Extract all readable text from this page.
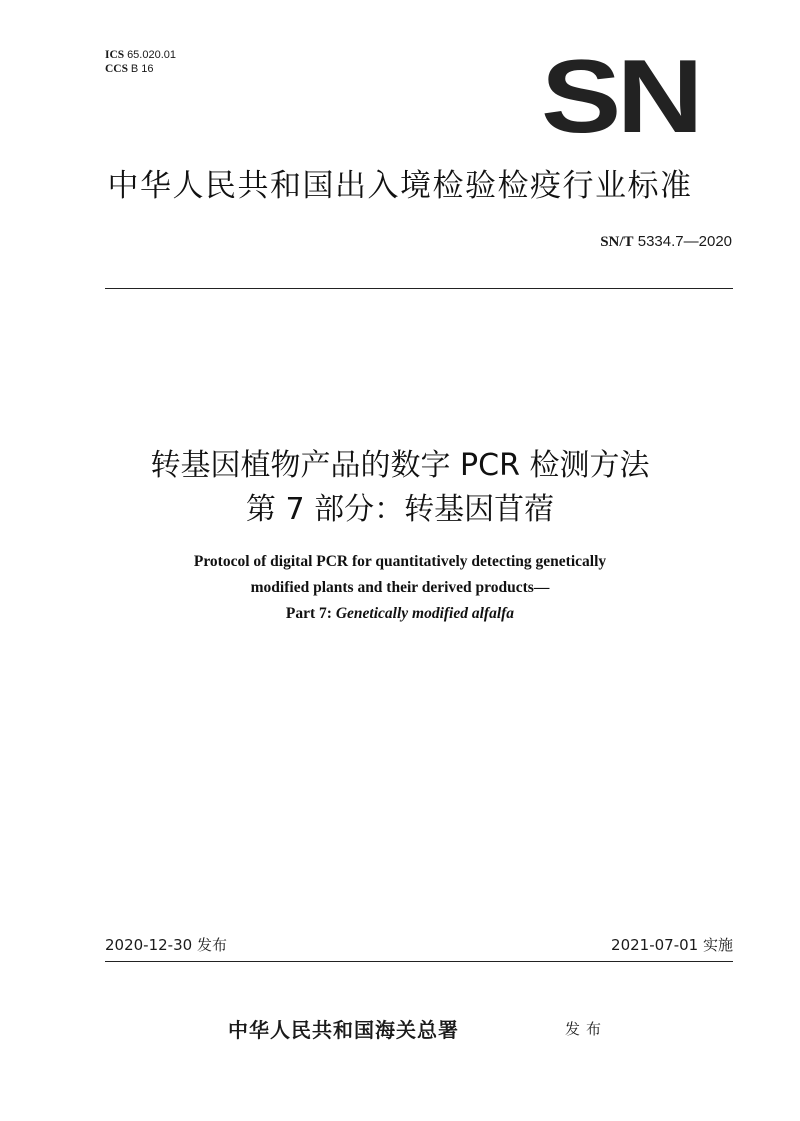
ICS 65.020.01
CCS B 16	SN
中华人民共和国出入境检验检疫行业标准
SN/T 5334.7—2020
转基因植物产品的数字 PCR 检测方法
第 7 部分：转基因苜蓿
Protocol of digital PCR for quantitatively detecting genetically
modified plants and their derived products—
Part 7: Genetically modified alfalfa
2020-12-30 发布	2021-07-01 实施
中华人民共和国海关总署	发布
